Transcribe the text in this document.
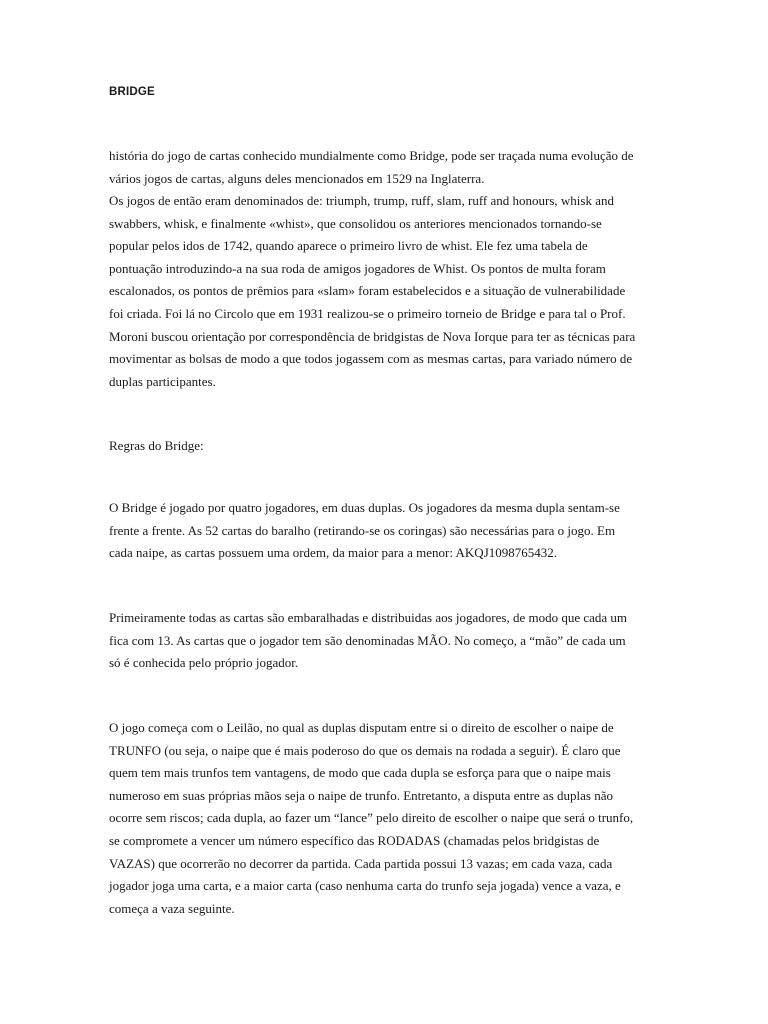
BRIDGE
história do jogo de cartas conhecido mundialmente como Bridge, pode ser traçada numa evolução de
vários jogos de cartas, alguns deles mencionados em 1529 na Inglaterra.
Os jogos de então eram denominados de: triumph, trump, ruff, slam, ruff and honours, whisk and
swabbers, whisk, e finalmente «whist», que consolidou os anteriores mencionados tornando-se
popular pelos idos de 1742, quando aparece o primeiro livro de whist. Ele fez uma tabela de
pontuação introduzindo-a na sua roda de amigos jogadores de Whist. Os pontos de multa foram
escalonados, os pontos de prêmios para «slam» foram estabelecidos e a situação de vulnerabilidade
foi criada. Foi lá no Circolo que em 1931 realizou-se o primeiro torneio de Bridge e para tal o Prof.
Moroni buscou orientação por correspondência de bridgistas de Nova Iorque para ter as técnicas para
movimentar as bolsas de modo a que todos jogassem com as mesmas cartas, para variado número de
duplas participantes.
Regras do Bridge:
O Bridge é jogado por quatro jogadores, em duas duplas. Os jogadores da mesma dupla sentam-se
frente a frente. As 52 cartas do baralho (retirando-se os coringas) são necessárias para o jogo. Em
cada naipe, as cartas possuem uma ordem, da maior para a menor: AKQJ1098765432.
Primeiramente todas as cartas são embaralhadas e distribuidas aos jogadores, de modo que cada um
fica com 13. As cartas que o jogador tem são denominadas MÃO. No começo, a “mão” de cada um
só é conhecida pelo próprio jogador.
O jogo começa com o Leilão, no qual as duplas disputam entre si o direito de escolher o naipe de
TRUNFO (ou seja, o naipe que é mais poderoso do que os demais na rodada a seguir). É claro que
quem tem mais trunfos tem vantagens, de modo que cada dupla se esforça para que o naipe mais
numeroso em suas próprias mãos seja o naipe de trunfo. Entretanto, a disputa entre as duplas não
ocorre sem riscos; cada dupla, ao fazer um “lance” pelo direito de escolher o naipe que será o trunfo,
se compromete a vencer um número específico das RODADAS (chamadas pelos bridgistas de
VAZAS) que ocorrerão no decorrer da partida. Cada partida possui 13 vazas; em cada vaza, cada
jogador joga uma carta, e a maior carta (caso nenhuma carta do trunfo seja jogada) vence a vaza, e
começa a vaza seguinte.
